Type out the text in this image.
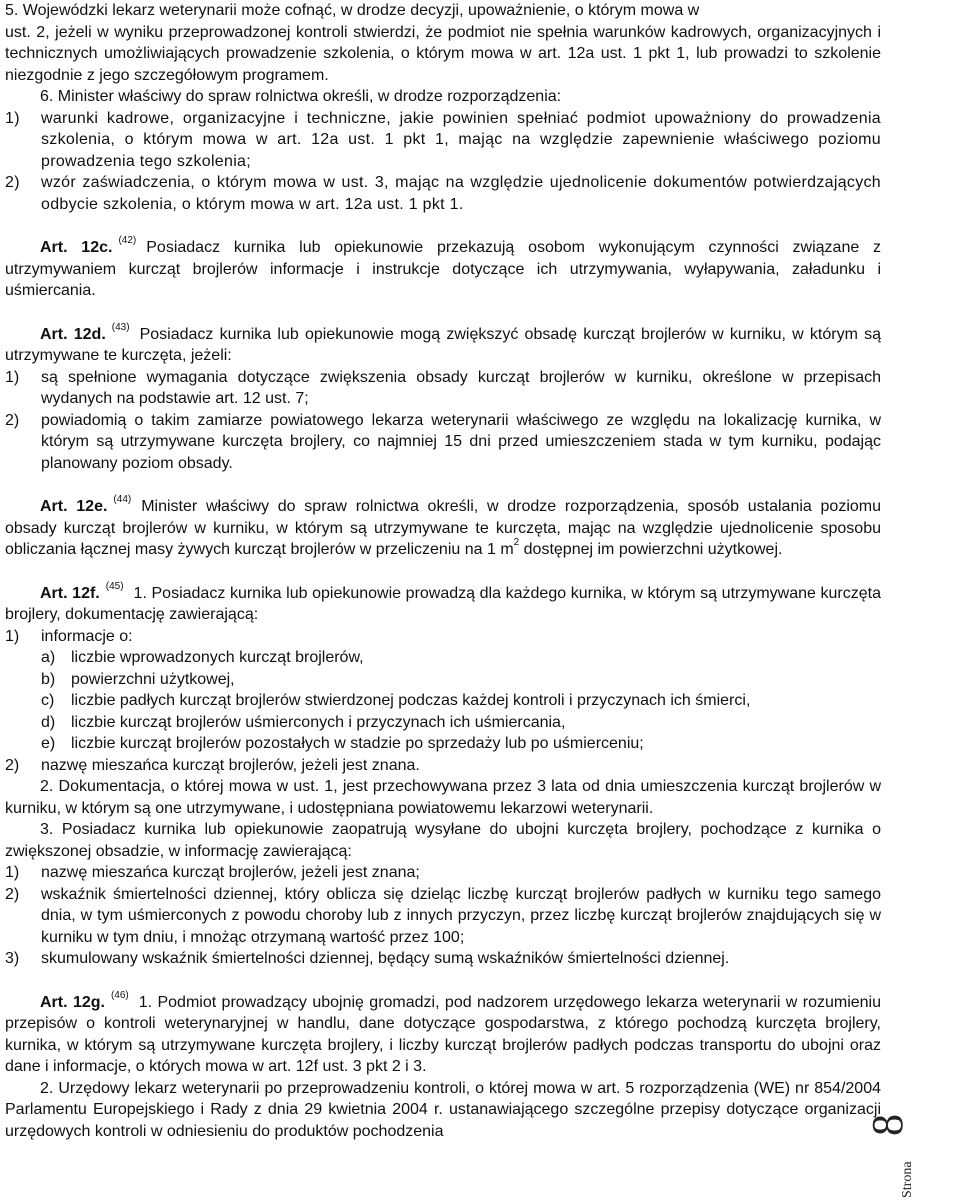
5. Wojewódzki lekarz weterynarii może cofnąć, w drodze decyzji, upoważnienie, o którym mowa w

ust. 2, jeżeli w wyniku przeprowadzonej kontroli stwierdzi, że podmiot nie spełnia warunków kadrowych, organizacyjnych i technicznych umożliwiających prowadzenie szkolenia, o którym mowa w art. 12a ust. 1 pkt 1, lub prowadzi to szkolenie niezgodnie z jego szczegółowym programem.

6. Minister właściwy do spraw rolnictwa określi, w drodze rozporządzenia:

1)	warunki kadrowe, organizacyjne i techniczne, jakie powinien spełniać podmiot upoważniony do prowadzenia szkolenia, o którym mowa w art. 12a ust. 1 pkt 1, mając na względzie zapewnienie właściwego poziomu prowadzenia tego szkolenia;
2)	wzór zaświadczenia, o którym mowa w ust. 3, mając na względzie ujednolicenie dokumentów potwierdzających odbycie szkolenia, o którym mowa w art. 12a ust. 1 pkt 1.

Art. 12c. $^{(42)}$ Posiadacz kurnika lub opiekunowie przekazują osobom wykonującym czynności związane z utrzymywaniem kurcząt brojlerów informacje i instrukcje dotyczące ich utrzymywania, wyłapywania, załadunku i uśmiercania.

Art. 12d. $^{(43)}$ Posiadacz kurnika lub opiekunowie mogą zwiększyć obsadę kurcząt brojlerów w kurniku, w którym są utrzymywane te kurczęta, jeżeli:

1)	są spełnione wymagania dotyczące zwiększenia obsady kurcząt brojlerów w kurniku, określone w przepisach wydanych na podstawie art. 12 ust. 7;
2)	powiadomią o takim zamiarze powiatowego lekarza weterynarii właściwego ze względu na lokalizację kurnika, w którym są utrzymywane kurczęta brojlery, co najmniej 15 dni przed umieszczeniem stada w tym kurniku, podając planowany poziom obsady.

Art. 12e. $^{(44)}$ Minister właściwy do spraw rolnictwa określi, w drodze rozporządzenia, sposób ustalania poziomu obsady kurcząt brojlerów w kurniku, w którym są utrzymywane te kurczęta, mając na względzie ujednolicenie sposobu obliczania łącznej masy żywych kurcząt brojlerów w przeliczeniu na 1 $m^2$ dostępnej im powierzchni użytkowej.

Art. 12f. $^{(45)}$ 1. Posiadacz kurnika lub opiekunowie prowadzą dla każdego kurnika, w którym są utrzymywane kurczęta brojlery, dokumentację zawierającą:

1)	informacje o:
a) liczbie wprowadzonych kurcząt brojlerów,
b) powierzchni użytkowej,
c)	liczbie padłych kurcząt brojlerów stwierdzonej podczas każdej kontroli i przyczynach ich śmierci,
d) liczbie kurcząt brojlerów uśmierconych i przyczynach ich uśmiercania,
e) liczbie kurcząt brojlerów pozostałych w stadzie po sprzedaży lub po uśmierceniu;
2)	nazwę mieszańca kurcząt brojlerów, jeżeli jest znana.

2. Dokumentacja, o której mowa w ust. 1, jest przechowywana przez 3 lata od dnia umieszczenia kurcząt brojlerów w kurniku, w którym są one utrzymywane, i udostępniana powiatowemu lekarzowi weterynarii.

3. Posiadacz kurnika lub opiekunowie zaopatrują wysyłane do ubojni kurczęta brojlery, pochodzące z kurnika o zwiększonej obsadzie, w informację zawierającą:

1)	nazwę mieszańca kurcząt brojlerów, jeżeli jest znana;
2)	wskaźnik śmiertelności dziennej, który oblicza się dzieląc liczbę kurcząt brojlerów padłych w kurniku tego samego dnia, w tym uśmierconych z powodu choroby lub z innych przyczyn, przez liczbę kurcząt brojlerów znajdujących się w kurniku w tym dniu, i mnożąc otrzymaną wartość przez 100;
3)	skumulowany wskaźnik śmiertelności dziennej, będący sumą wskaźników śmiertelności dziennej.

Art. 12g. $^{(46)}$ 1. Podmiot prowadzący ubojnię gromadzi, pod nadzorem urzędowego lekarza weterynarii w rozumieniu przepisów o kontroli weterynaryjnej w handlu, dane dotyczące gospodarstwa, z którego pochodzą kurczęta brojlery, kurnika, w którym są utrzymywane kurczęta brojlery, i liczby kurcząt brojlerów padłych podczas transportu do ubojni oraz dane i informacje, o których mowa w art. 12f ust. 3 pkt 2 i 3.

2. Urzędowy lekarz weterynarii po przeprowadzeniu kontroli, o której mowa w art. 5 rozporządzenia (WE) nr 854/2004 Parlamentu Europejskiego i Rady z dnia 29 kwietnia 2004 r. ustanawiającego szczególne przepisy dotyczące organizacji urzędowych kontroli w odniesieniu do produktów pochodzenia	8
Strona
